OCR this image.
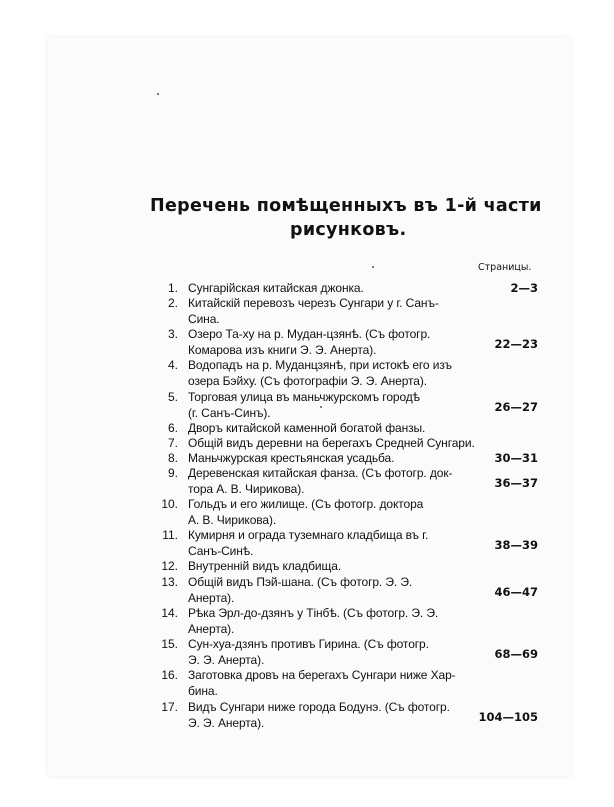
Перечень помѣщенныхъ въ 1-й части
рисунковъ.
Страницы.
1. Сунгарійская китайская джонка.	2—3
2. Китайскій перевозъ черезъ Сунгари у г. Санъ-
Сина.
3. Озеро Та-ху на р. Мудан-цзянѣ. (Съ фотогр.
Комарова изъ книги Э. Э. Анерта).	22—23
4. Водопадъ на р. Муданцзянѣ, при истокѣ его изъ
озера Бэйху. (Съ фотографіи Э. Э. Анерта).
5. Торговая улица въ маньчжурскомъ городѣ
(г. Санъ-Синъ).	26—27
6. Дворъ китайской каменной богатой фанзы.
7. Общій видъ деревни на берегахъ Средней Сунгари.
8. Маньчжурская крестьянская усадьба.	30—31
9. Деревенская китайская фанза. (Съ фотогр. док-
тора А. В. Чирикова).	36—37
10. Гольдъ и его жилище. (Съ фотогр. доктора
А. В. Чирикова).
11. Кумирня и ограда туземнаго кладбища въ г.
Санъ-Синѣ.	38—39
12. Внутренній видъ кладбища.
13. Общій видъ Пэй-шана. (Съ фотогр. Э. Э.
Анерта).	46—47
14. Рѣка Эрл-до-дзянъ у Тінбѣ. (Съ фотогр. Э. Э.
Анерта).
15. Сун-хуа-дзянъ противъ Гирина. (Съ фотогр.
Э. Э. Анерта).	68—69
16. Заготовка дровъ на берегахъ Сунгари ниже Хар-
бина.
17. Видъ Сунгари ниже города Бодунэ. (Съ фотогр.
Э. Э. Анерта).	104—105
